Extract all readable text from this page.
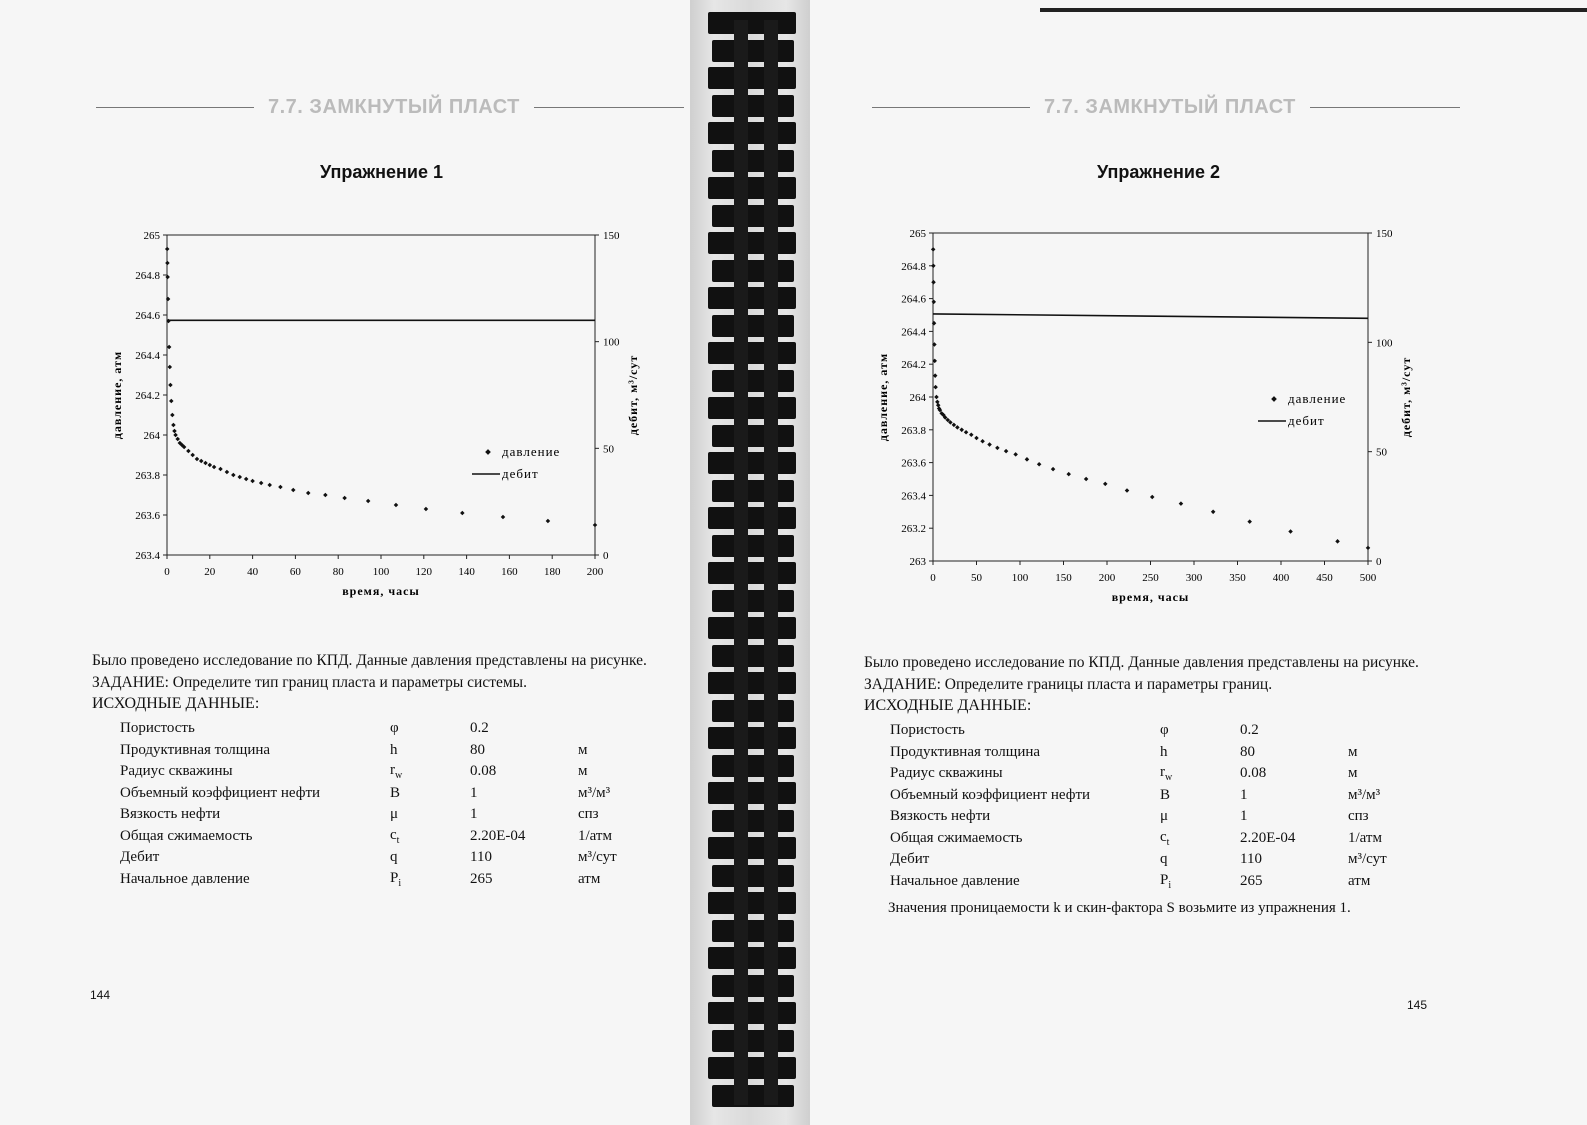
7.7. ЗАМКНУТЫЙ ПЛАСТ
Упражнение 1
263.4
263.6
263.8
264
264.2
264.4
264.6
264.8
265
0
50
100
150
0	20	40	60	80	100 120 140 160 180 200
время, часы
давление, атм	дебит, м³/сут
давление
дебит

Было проведено исследование по КПД. Данные давления представлены на рисунке.

ЗАДАНИЕ: Определите тип границ пласта и параметры системы.

ИСХОДНЫЕ ДАННЫЕ:

Пористость	φ	0.2	
Продуктивная толщина	h	80	м
Радиус скважины	$r_w$	0.08	м
Объемный коэффициент нефти	B	1	м³/м³
Вязкость нефти	μ	1	спз
Общая сжимаемость	$c_t$	2.20E-04	1/атм
Дебит	q	110	м³/сут
Начальное давление	$P_i$	265	атм
144
7.7. ЗАМКНУТЫЙ ПЛАСТ
Упражнение 2
263
263.2
263.4
263.6
263.8
264
264.2
264.4
264.6
264.8
265
0
50
100
150
0	50	100 150 200 250 300 350 400 450 500
время, часы
давление, атм	дебит, м³/сут
давление
дебит

Было проведено исследование по КПД. Данные давления представлены на рисунке.

ЗАДАНИЕ: Определите границы пласта и параметры границ.

ИСХОДНЫЕ ДАННЫЕ:

Пористость	φ	0.2	
Продуктивная толщина	h	80	м
Радиус скважины	$r_w$	0.08	м
Объемный коэффициент нефти	B	1	м³/м³
Вязкость нефти	μ	1	спз
Общая сжимаемость	$c_t$	2.20E-04	1/атм
Дебит	q	110	м³/сут
Начальное давление	$P_i$	265	атм
Значения проницаемости k и скин-фактора S возьмите из упражнения 1.
145
